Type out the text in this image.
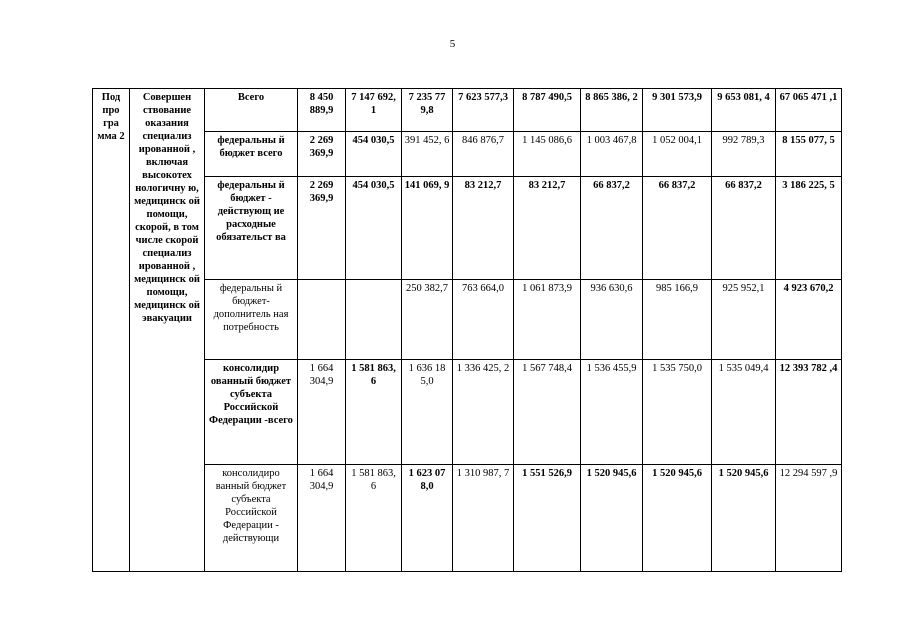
5
Под про гра мма 2	Совершен ствование оказания специализ ированной , включая высокотех нологичну ю, медицинск ой помощи, скорой, в том числе скорой специализ ированной , медицинск ой помощи, медицинск ой эвакуации	Всего	8 450 889,9	7 147 692, 1	7 235 77 9,8	7 623 577,3	8 787 490,5	8 865 386, 2	9 301 573,9	9 653 081, 4	67 065 471 ,1
		федеральны й бюджет всего	2 269 369,9	454 030,5	391 452, 6	846 876,7	1 145 086,6	1 003 467,8	1 052 004,1	992 789,3	8 155 077, 5
		федеральны й бюджет - действующ ие расходные обязательст ва	2 269 369,9	454 030,5	141 069, 9	83 212,7	83 212,7	66 837,2	66 837,2	66 837,2	3 186 225, 5
		федеральны й бюджет- дополнитель ная потребность			250 382,7	763 664,0	1 061 873,9	936 630,6	985 166,9	925 952,1	4 923 670,2
		консолидир ованный бюджет субъекта Российской Федерации -всего	1 664 304,9	1 581 863, 6	1 636 18 5,0	1 336 425, 2	1 567 748,4	1 536 455,9	1 535 750,0	1 535 049,4	12 393 782 ,4
		консолидиро ванный бюджет субъекта Российской Федерации - действующи	1 664 304,9	1 581 863, 6	1 623 07 8,0	1 310 987, 7	1 551 526,9	1 520 945,6	1 520 945,6	1 520 945,6	12 294 597 ,9
